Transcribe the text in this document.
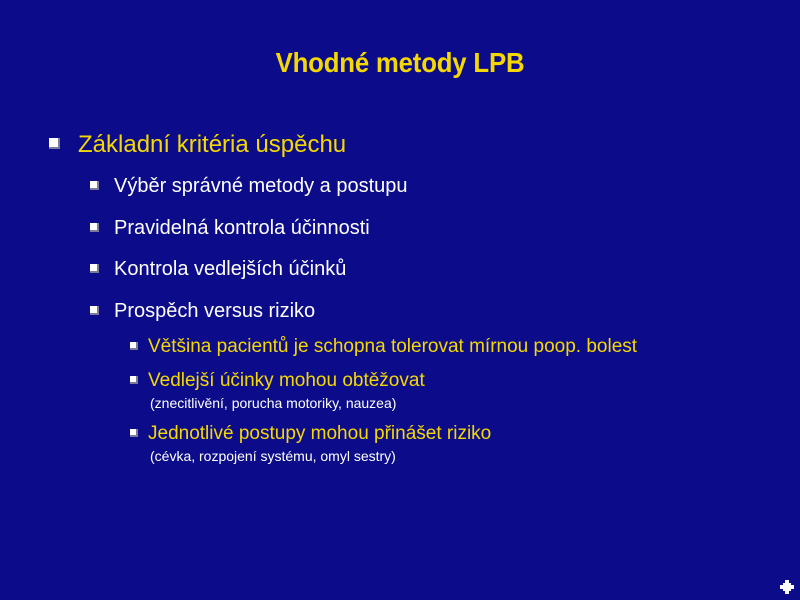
Vhodné metody LPB
Základní kritéria úspěchu
Výběr správné metody a postupu
Pravidelná kontrola účinnosti
Kontrola vedlejších účinků
Prospěch versus riziko
Většina pacientů je schopna tolerovat mírnou poop. bolest
Vedlejší účinky mohou obtěžovat
(znecitlivění, porucha motoriky, nauzea)
Jednotlivé postupy mohou přinášet riziko
(cévka, rozpojení systému, omyl sestry)
